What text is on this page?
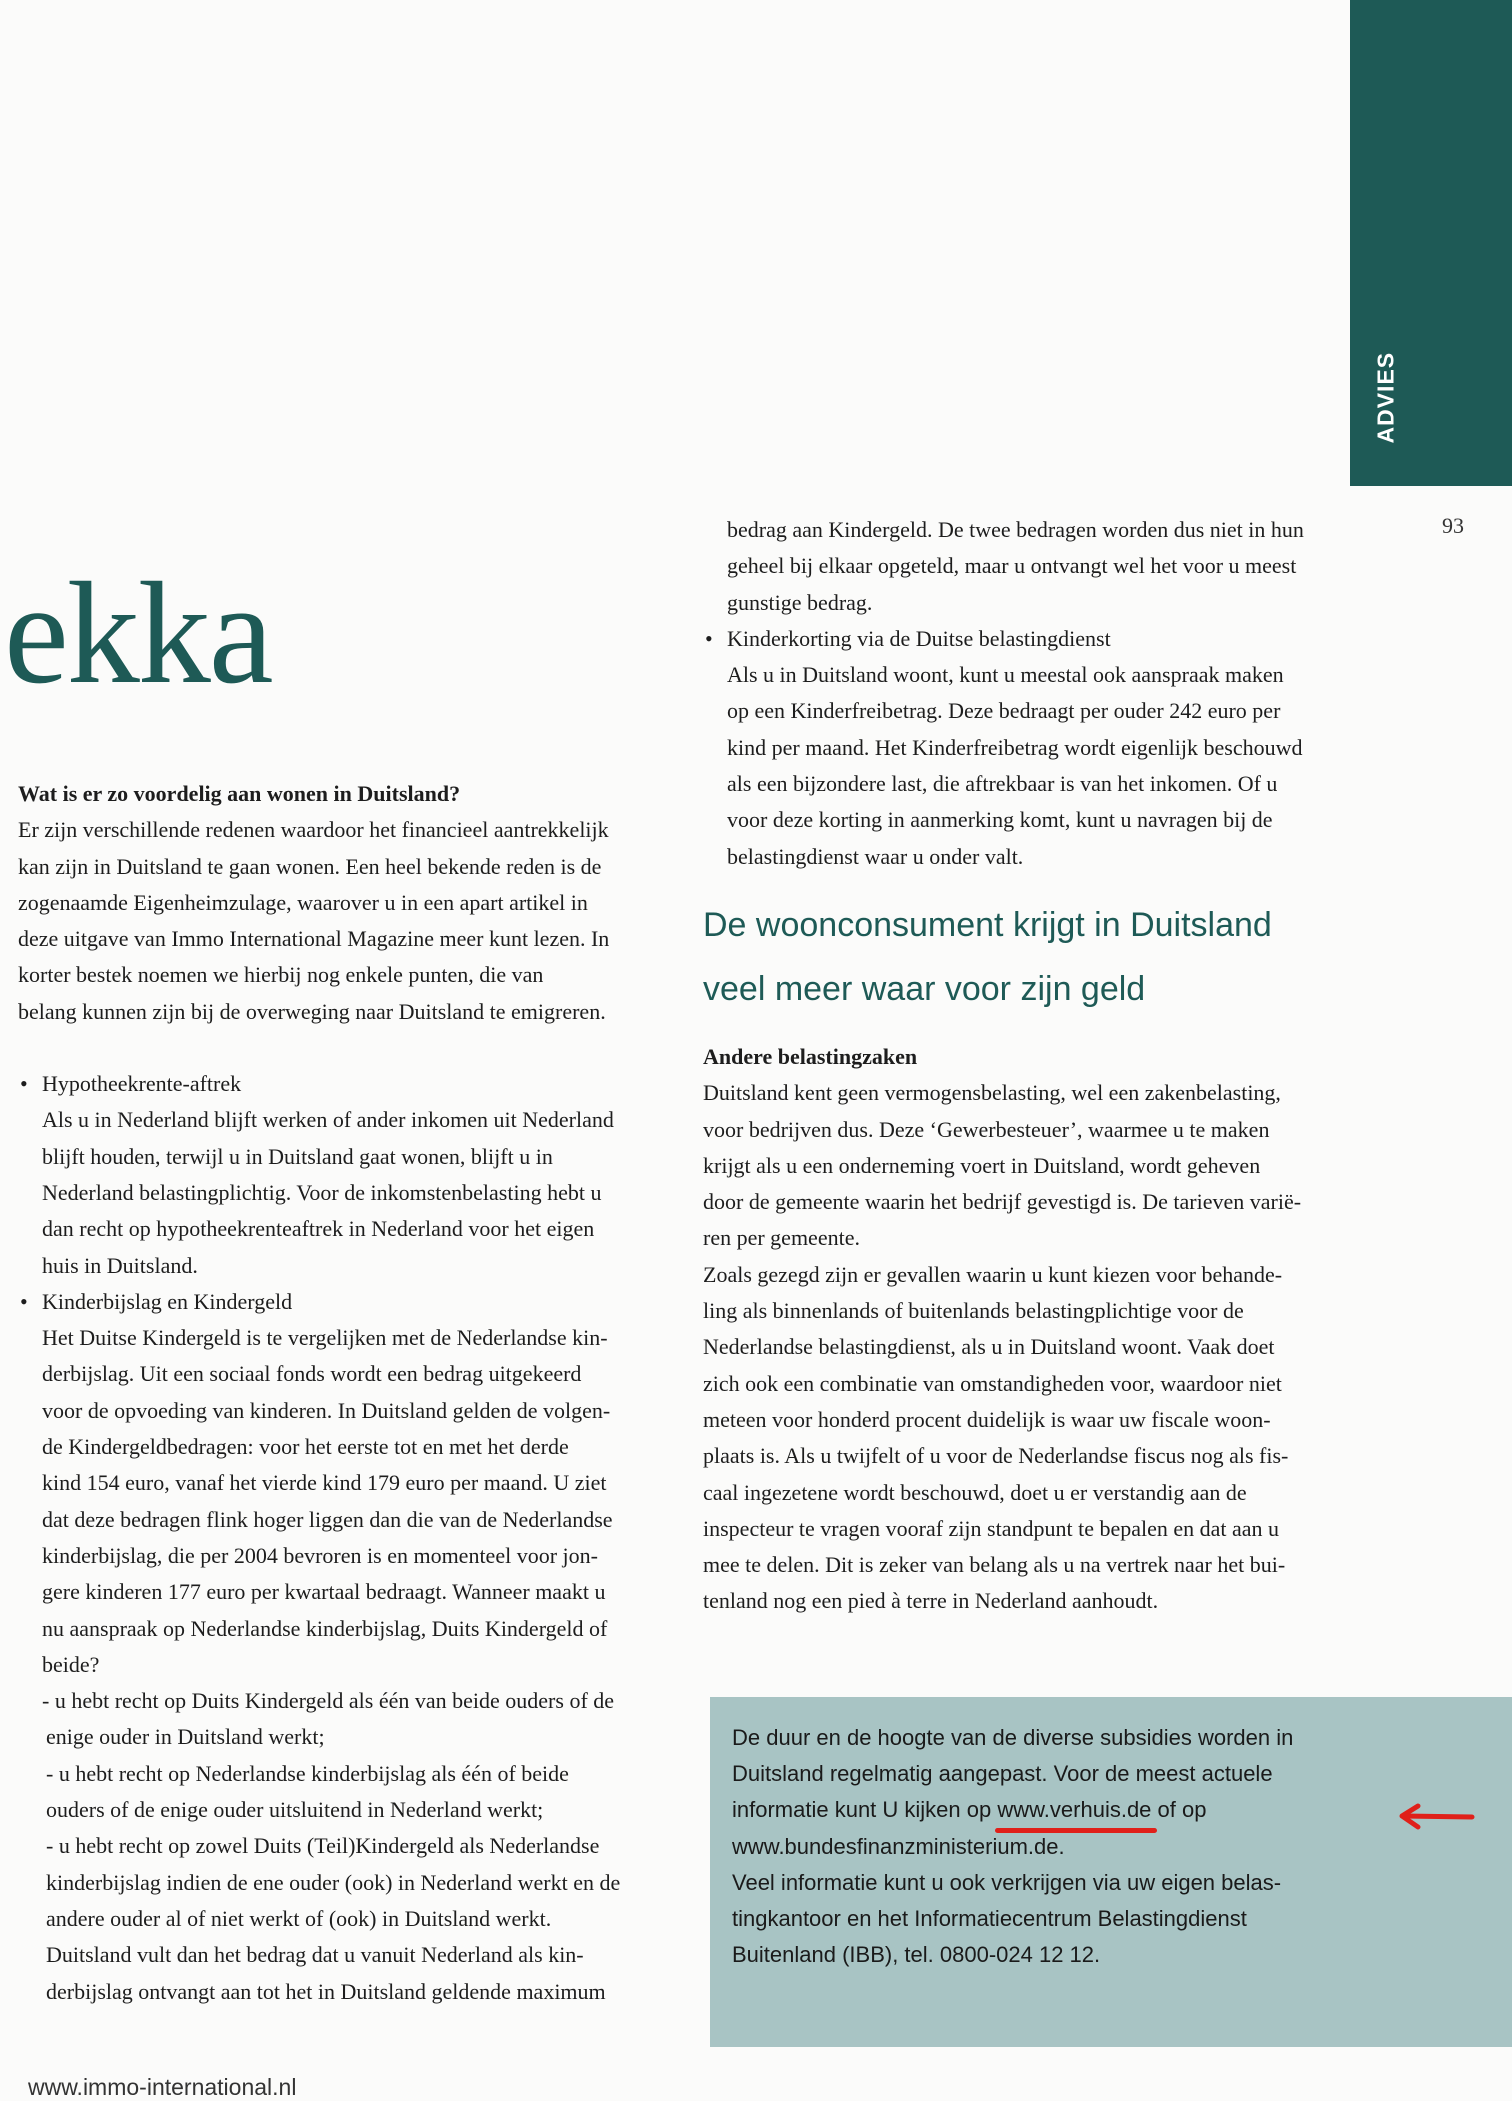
ADVIES
93
ekka

Wat is er zo voordelig aan wonen in Duitsland?

Er zijn verschillende redenen waardoor het financieel aantrekkelijk

kan zijn in Duitsland te gaan wonen. Een heel bekende reden is de

zogenaamde Eigenheimzulage, waarover u in een apart artikel in

deze uitgave van Immo International Magazine meer kunt lezen. In

korter bestek noemen we hierbij nog enkele punten, die van

belang kunnen zijn bij de overweging naar Duitsland te emigreren.

• Hypotheekrente-aftrek

Als u in Nederland blijft werken of ander inkomen uit Nederland

blijft houden, terwijl u in Duitsland gaat wonen, blijft u in

Nederland belastingplichtig. Voor de inkomstenbelasting hebt u

dan recht op hypotheekrenteaftrek in Nederland voor het eigen

huis in Duitsland.

• Kinderbijslag en Kindergeld

Het Duitse Kindergeld is te vergelijken met de Nederlandse kin-

derbijslag. Uit een sociaal fonds wordt een bedrag uitgekeerd

voor de opvoeding van kinderen. In Duitsland gelden de volgen-

de Kindergeldbedragen: voor het eerste tot en met het derde

kind 154 euro, vanaf het vierde kind 179 euro per maand. U ziet

dat deze bedragen flink hoger liggen dan die van de Nederlandse

kinderbijslag, die per 2004 bevroren is en momenteel voor jon-

gere kinderen 177 euro per kwartaal bedraagt. Wanneer maakt u

nu aanspraak op Nederlandse kinderbijslag, Duits Kindergeld of

beide?

- u hebt recht op Duits Kindergeld als één van beide ouders of de

enige ouder in Duitsland werkt;

- u hebt recht op Nederlandse kinderbijslag als één of beide

ouders of de enige ouder uitsluitend in Nederland werkt;

- u hebt recht op zowel Duits (Teil)Kindergeld als Nederlandse

kinderbijslag indien de ene ouder (ook) in Nederland werkt en de

andere ouder al of niet werkt of (ook) in Duitsland werkt.

Duitsland vult dan het bedrag dat u vanuit Nederland als kin-

derbijslag ontvangt aan tot het in Duitsland geldende maximum

bedrag aan Kindergeld. De twee bedragen worden dus niet in hun

geheel bij elkaar opgeteld, maar u ontvangt wel het voor u meest

gunstige bedrag.

• Kinderkorting via de Duitse belastingdienst

Als u in Duitsland woont, kunt u meestal ook aanspraak maken

op een Kinderfreibetrag. Deze bedraagt per ouder 242 euro per

kind per maand. Het Kinderfreibetrag wordt eigenlijk beschouwd

als een bijzondere last, die aftrekbaar is van het inkomen. Of u

voor deze korting in aanmerking komt, kunt u navragen bij de

belastingdienst waar u onder valt.

De woonconsument krijgt in Duitsland

veel meer waar voor zijn geld

Andere belastingzaken

Duitsland kent geen vermogensbelasting, wel een zakenbelasting,

voor bedrijven dus. Deze ‘Gewerbesteuer’, waarmee u te maken

krijgt als u een onderneming voert in Duitsland, wordt geheven

door de gemeente waarin het bedrijf gevestigd is. De tarieven varië-

ren per gemeente.

Zoals gezegd zijn er gevallen waarin u kunt kiezen voor behande-

ling als binnenlands of buitenlands belastingplichtige voor de

Nederlandse belastingdienst, als u in Duitsland woont. Vaak doet

zich ook een combinatie van omstandigheden voor, waardoor niet

meteen voor honderd procent duidelijk is waar uw fiscale woon-

plaats is. Als u twijfelt of u voor de Nederlandse fiscus nog als fis-

caal ingezetene wordt beschouwd, doet u er verstandig aan de

inspecteur te vragen vooraf zijn standpunt te bepalen en dat aan u

mee te delen. Dit is zeker van belang als u na vertrek naar het bui-

tenland nog een pied à terre in Nederland aanhoudt.

De duur en de hoogte van de diverse subsidies worden in

Duitsland regelmatig aangepast. Voor de meest actuele

informatie kunt U kijken op www.verhuis.de
of op

www.bundesfinanzministerium.de.

Veel informatie kunt u ook verkrijgen via uw eigen belas-

tingkantoor en het Informatiecentrum Belastingdienst

Buitenland (IBB), tel. 0800-024 12 12.

www.immo-international.nl
